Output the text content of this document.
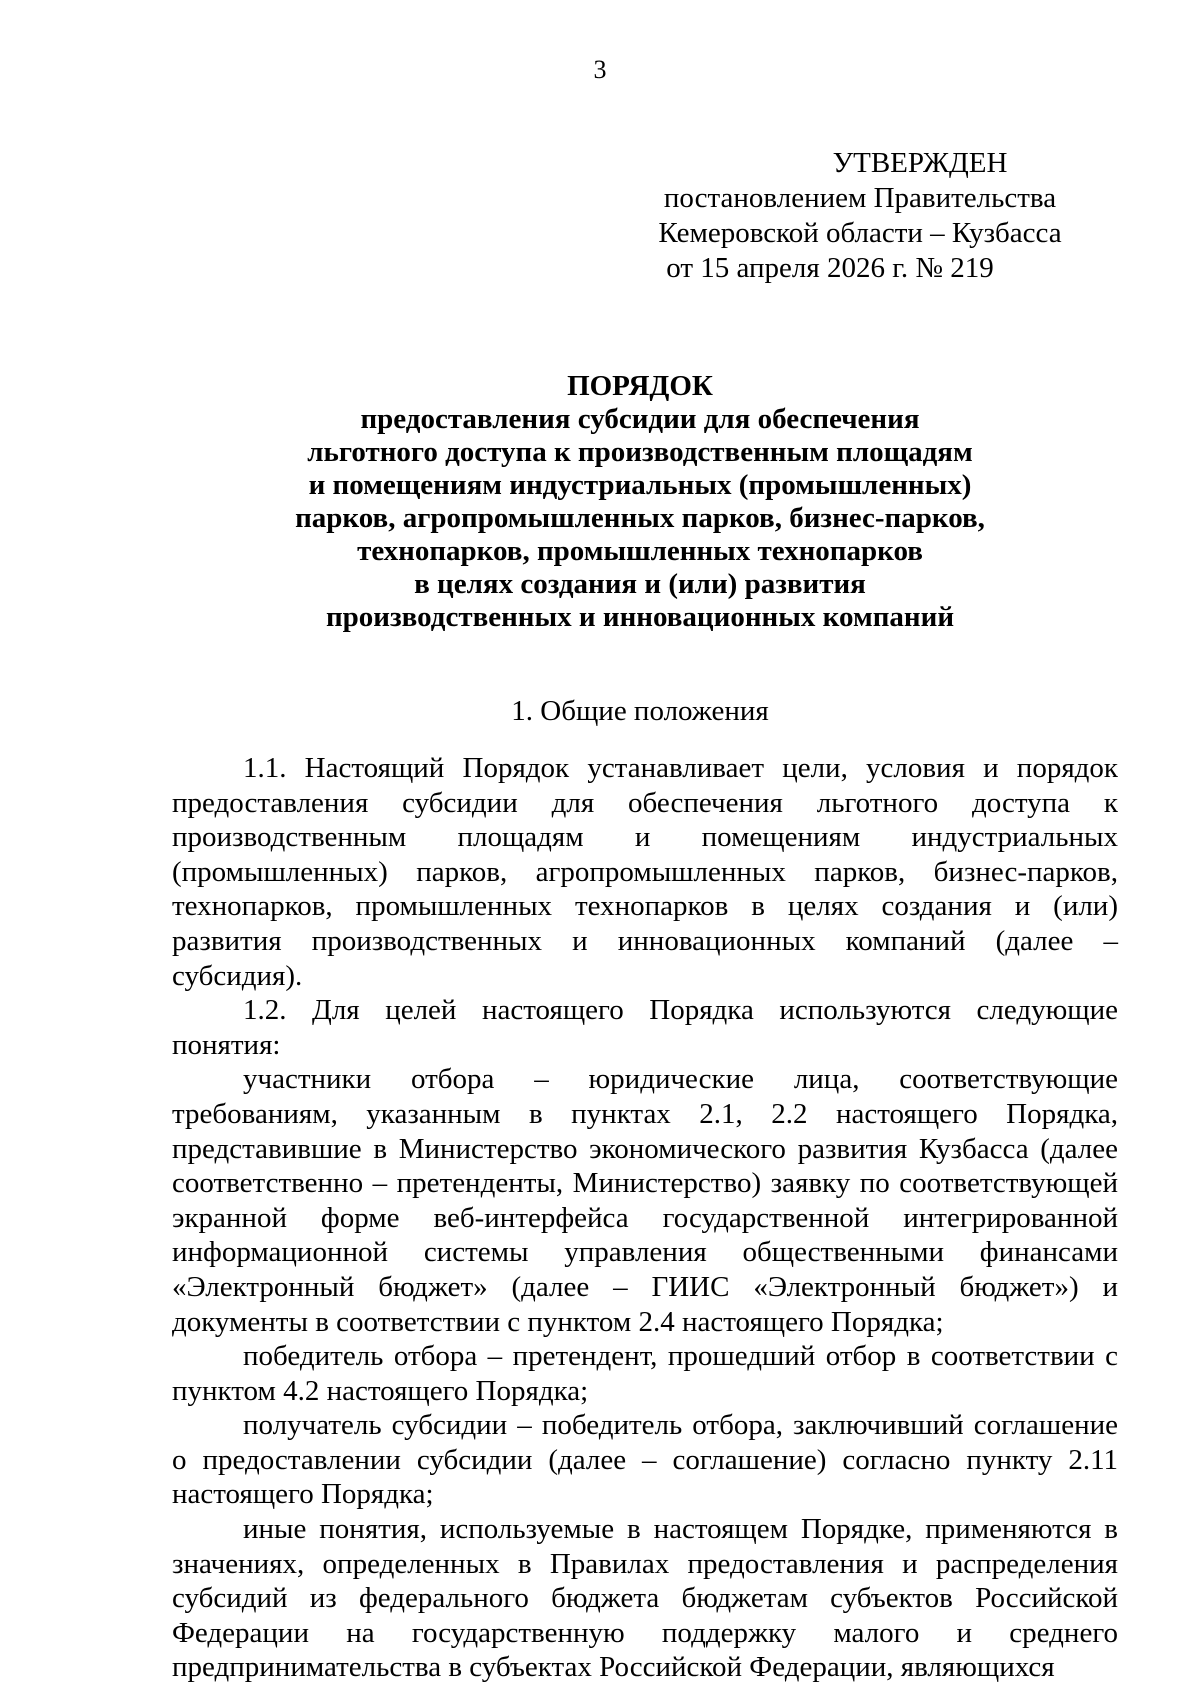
3
УТВЕРЖДЕН
постановлением Правительства
Кемеровской области – Кузбасса
от 15 апреля 2026 г. № 219
ПОРЯДОК
предоставления субсидии для обеспечения
льготного доступа к производственным площадям
и помещениям индустриальных (промышленных)
парков, агропромышленных парков, бизнес-парков,
технопарков, промышленных технопарков
в целях создания и (или) развития
производственных и инновационных компаний
1. Общие положения

1.1. Настоящий Порядок устанавливает цели, условия и порядок предоставления субсидии для обеспечения льготного доступа к производственным площадям и помещениям индустриальных (промышленных) парков, агропромышленных парков, бизнес-парков, технопарков, промышленных технопарков в целях создания и (или) развития производственных и инновационных компаний (далее – субсидия).

1.2. Для целей настоящего Порядка используются следующие понятия:

участники отбора – юридические лица, соответствующие требованиям, указанным в пунктах 2.1, 2.2 настоящего Порядка, представившие в Министерство экономического развития Кузбасса (далее соответственно – претенденты, Министерство) заявку по соответствующей экранной форме веб-интерфейса государственной интегрированной информационной системы управления общественными финансами «Электронный бюджет» (далее – ГИИС «Электронный бюджет») и документы в соответствии с пунктом 2.4 настоящего Порядка;

победитель отбора – претендент, прошедший отбор в соответствии с пунктом 4.2 настоящего Порядка;

получатель субсидии – победитель отбора, заключивший соглашение о предоставлении субсидии (далее – соглашение) согласно пункту 2.11 настоящего Порядка;

иные понятия, используемые в настоящем Порядке, применяются в значениях, определенных в Правилах предоставления и распределения субсидий из федерального бюджета бюджетам субъектов Российской Федерации на государственную поддержку малого и среднего предпринимательства в субъектах Российской Федерации, являющихся
